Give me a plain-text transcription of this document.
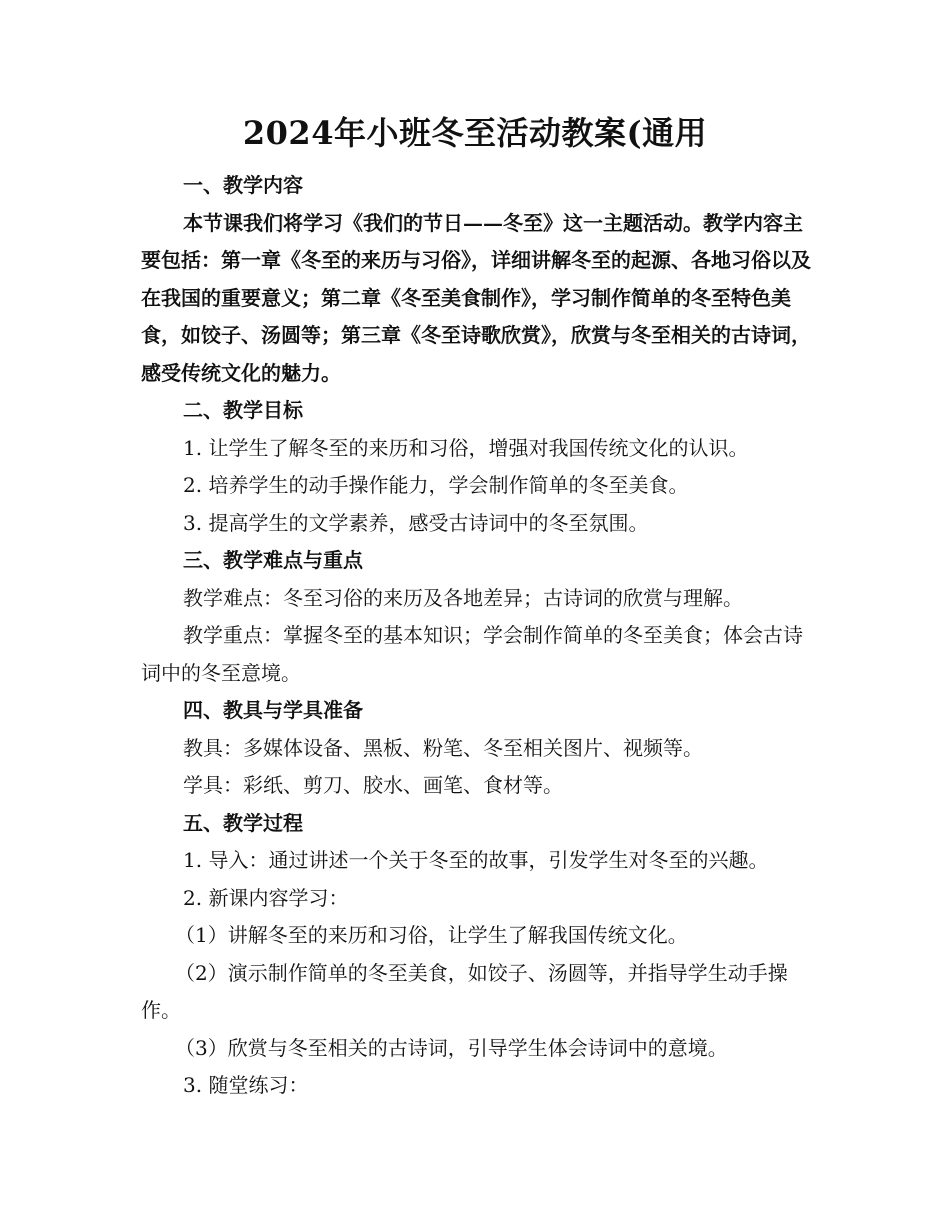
2024年小班冬至活动教案(通用

一、教学内容

本节课我们将学习《我们的节日——冬至》这一主题活动。教学内容主要包括：第一章《冬至的来历与习俗》，详细讲解冬至的起源、各地习俗以及在我国的重要意义；第二章《冬至美食制作》，学习制作简单的冬至特色美食，如饺子、汤圆等；第三章《冬至诗歌欣赏》，欣赏与冬至相关的古诗词，感受传统文化的魅力。

二、教学目标

1. 让学生了解冬至的来历和习俗，增强对我国传统文化的认识。

2. 培养学生的动手操作能力，学会制作简单的冬至美食。

3. 提高学生的文学素养，感受古诗词中的冬至氛围。

三、教学难点与重点

教学难点：冬至习俗的来历及各地差异；古诗词的欣赏与理解。

教学重点：掌握冬至的基本知识；学会制作简单的冬至美食；体会古诗词中的冬至意境。

四、教具与学具准备

教具：多媒体设备、黑板、粉笔、冬至相关图片、视频等。

学具：彩纸、剪刀、胶水、画笔、食材等。

五、教学过程

1. 导入：通过讲述一个关于冬至的故事，引发学生对冬至的兴趣。

2. 新课内容学习：

（1）讲解冬至的来历和习俗，让学生了解我国传统文化。

（2）演示制作简单的冬至美食，如饺子、汤圆等，并指导学生动手操作。

（3）欣赏与冬至相关的古诗词，引导学生体会诗词中的意境。

3. 随堂练习：
